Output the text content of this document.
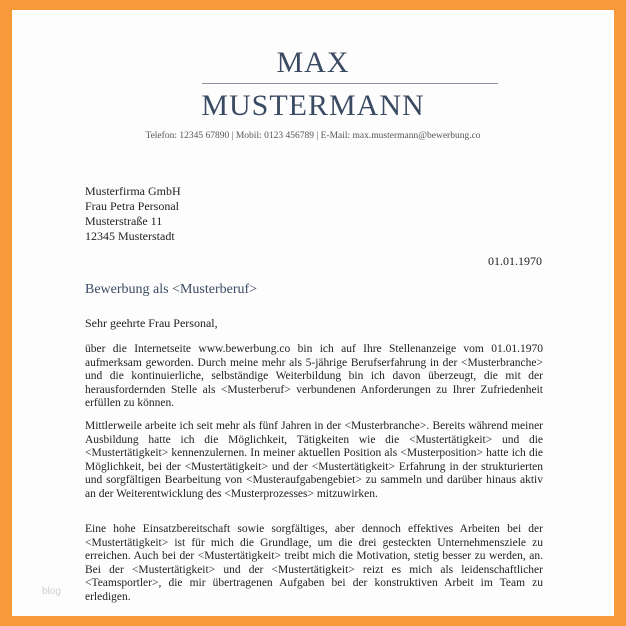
MAX
MUSTERMANN
Telefon: 12345 67890 | Mobil: 0123 456789 | E-Mail: max.mustermann@bewerbung.co
Musterfirma GmbH
Frau Petra Personal
Musterstraße 11
12345 Musterstadt
01.01.1970
Bewerbung als <Musterberuf>
Sehr geehrte Frau Personal,
über die Internetseite www.bewerbung.co bin ich auf Ihre Stellenanzeige vom 01.01.1970 aufmerksam geworden. Durch meine mehr als 5-jährige Berufserfahrung in der <Musterbranche> und die kontinuierliche, selbständige Weiterbildung bin ich davon überzeugt, die mit der herausfordernden Stelle als <Musterberuf> verbundenen Anforderungen zu Ihrer Zufriedenheit erfüllen zu können.
Mittlerweile arbeite ich seit mehr als fünf Jahren in der <Musterbranche>. Bereits während meiner Ausbildung hatte ich die Möglichkeit, Tätigkeiten wie die <Mustertätigkeit> und die <Mustertätigkeit> kennenzulernen. In meiner aktuellen Position als <Musterposition> hatte ich die Möglichkeit, bei der <Mustertätigkeit> und der <Mustertätigkeit> Erfahrung in der strukturierten und sorgfältigen Bearbeitung von <Musteraufgabengebiet> zu sammeln und darüber hinaus aktiv an der Weiterentwicklung des <Musterprozesses> mitzuwirken.
Eine hohe Einsatzbereitschaft sowie sorgfältiges, aber dennoch effektives Arbeiten bei der <Mustertätigkeit> ist für mich die Grundlage, um die drei gesteckten Unternehmensziele zu erreichen. Auch bei der <Mustertätigkeit> treibt mich die Motivation, stetig besser zu werden, an. Bei der <Mustertätigkeit> und der <Mustertätigkeit> reizt es mich als leidenschaftlicher <Teamsportler>, die mir übertragenen Aufgaben bei der konstruktiven Arbeit im Team zu erledigen.
blog
